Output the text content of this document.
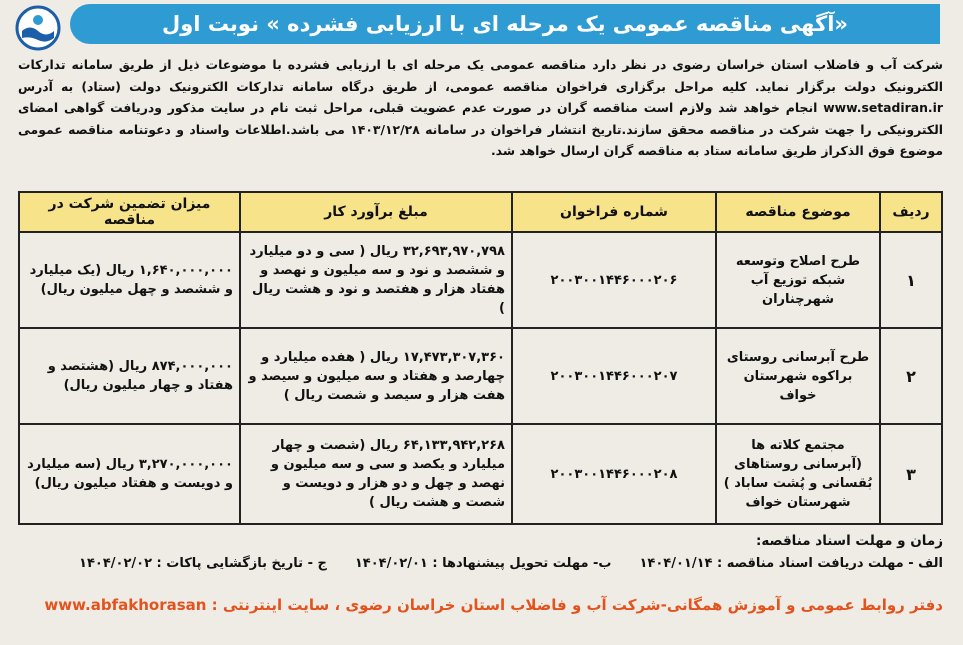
«آگهی مناقصه عمومی یک مرحله ای با ارزیابی فشرده » نوبت اول
شرکت آب و فاضلاب استان خراسان رضوی در نظر دارد مناقصه عمومی یک مرحله ای با ارزیابی فشرده با موضوعات ذیل از طریق سامانه تدارکات الکترونیک دولت برگزار نماید. کلیه مراحل برگزاری فراخوان مناقصه عمومی، از طریق درگاه سامانه تدارکات الکترونیک دولت (ستاد) به آدرس www.setadiran.ir انجام خواهد شد ولازم است مناقصه گران در صورت عدم عضویت قبلی، مراحل ثبت نام در سایت مذکور ودریافت گواهی امضای الکترونیکی را جهت شرکت در مناقصه محقق سازند.تاریخ انتشار فراخوان در سامانه ۱۴۰۳/۱۲/۲۸ می باشد.اطلاعات واسناد و دعوتنامه مناقصه عمومی موضوع فوق الذکراز طریق سامانه ستاد به مناقصه گران ارسال خواهد شد.
ردیف	موضوع مناقصه	شماره فراخوان	مبلغ برآورد کار	میزان تضمین شرکت در مناقصه
۱	طرح اصلاح وتوسعه شبکه توزیع آب شهرچناران	۲۰۰۳۰۰۱۴۴۶۰۰۰۲۰۶	۳۲,۶۹۳,۹۷۰,۷۹۸ ریال ( سی و دو میلیارد و ششصد و نود و سه میلیون و نهصد و هفتاد هزار و هفتصد و نود و هشت ریال )	۱,۶۴۰,۰۰۰,۰۰۰ ریال (یک میلیارد و ششصد و چهل میلیون ریال)
۲	طرح آبرسانی روستای براکوه شهرستان خواف	۲۰۰۳۰۰۱۴۴۶۰۰۰۲۰۷	۱۷,۴۷۳,۳۰۷,۳۶۰ ریال ( هفده میلیارد و چهارصد و هفتاد و سه میلیون و سیصد و هفت هزار و سیصد و شصت ریال )	۸۷۴,۰۰۰,۰۰۰ ریال (هشتصد و هفتاد و چهار میلیون ریال)
۳	مجتمع کلاته ها (آبرسانی روستاهای بُقسانی و پُشت ساباد ) شهرستان خواف	۲۰۰۳۰۰۱۴۴۶۰۰۰۲۰۸	۶۴,۱۳۳,۹۴۲,۲۶۸ ریال (شصت و چهار میلیارد و یکصد و سی و سه میلیون و نهصد و چهل و دو هزار و دویست و شصت و هشت ریال )	۳,۲۷۰,۰۰۰,۰۰۰ ریال (سه میلیارد و دویست و هفتاد میلیون ریال)
زمان و مهلت اسناد مناقصه:
الف - مهلت دریافت اسناد مناقصه : ۱۴۰۴/۰۱/۱۴
ب- مهلت تحویل پیشنهادها : ۱۴۰۴/۰۲/۰۱
ج - تاریخ بازگشایی پاکات : ۱۴۰۴/۰۲/۰۲
دفتر روابط عمومی و آموزش همگانی-شرکت آب و فاضلاب استان خراسان رضوی ، سایت اینترنتی : www.abfakhorasan
